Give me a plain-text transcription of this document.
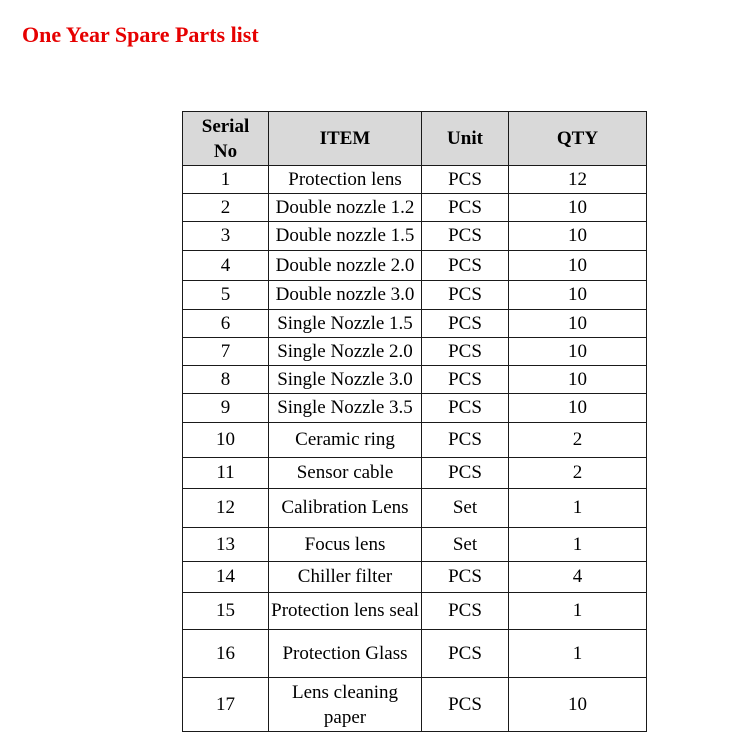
One Year Spare Parts list
Serial No	ITEM	Unit	QTY
1	Protection lens	PCS	12
2	Double nozzle 1.2	PCS	10
3	Double nozzle 1.5	PCS	10
4	Double nozzle 2.0	PCS	10
5	Double nozzle 3.0	PCS	10
6	Single Nozzle 1.5	PCS	10
7	Single Nozzle 2.0	PCS	10
8	Single Nozzle 3.0	PCS	10
9	Single Nozzle 3.5	PCS	10
10	Ceramic ring	PCS	2
11	Sensor cable	PCS	2
12	Calibration Lens	Set	1
13	Focus lens	Set	1
14	Chiller filter	PCS	4
15	Protection lens seal	PCS	1
16	Protection Glass	PCS	1
17	Lens cleaning paper	PCS	10
